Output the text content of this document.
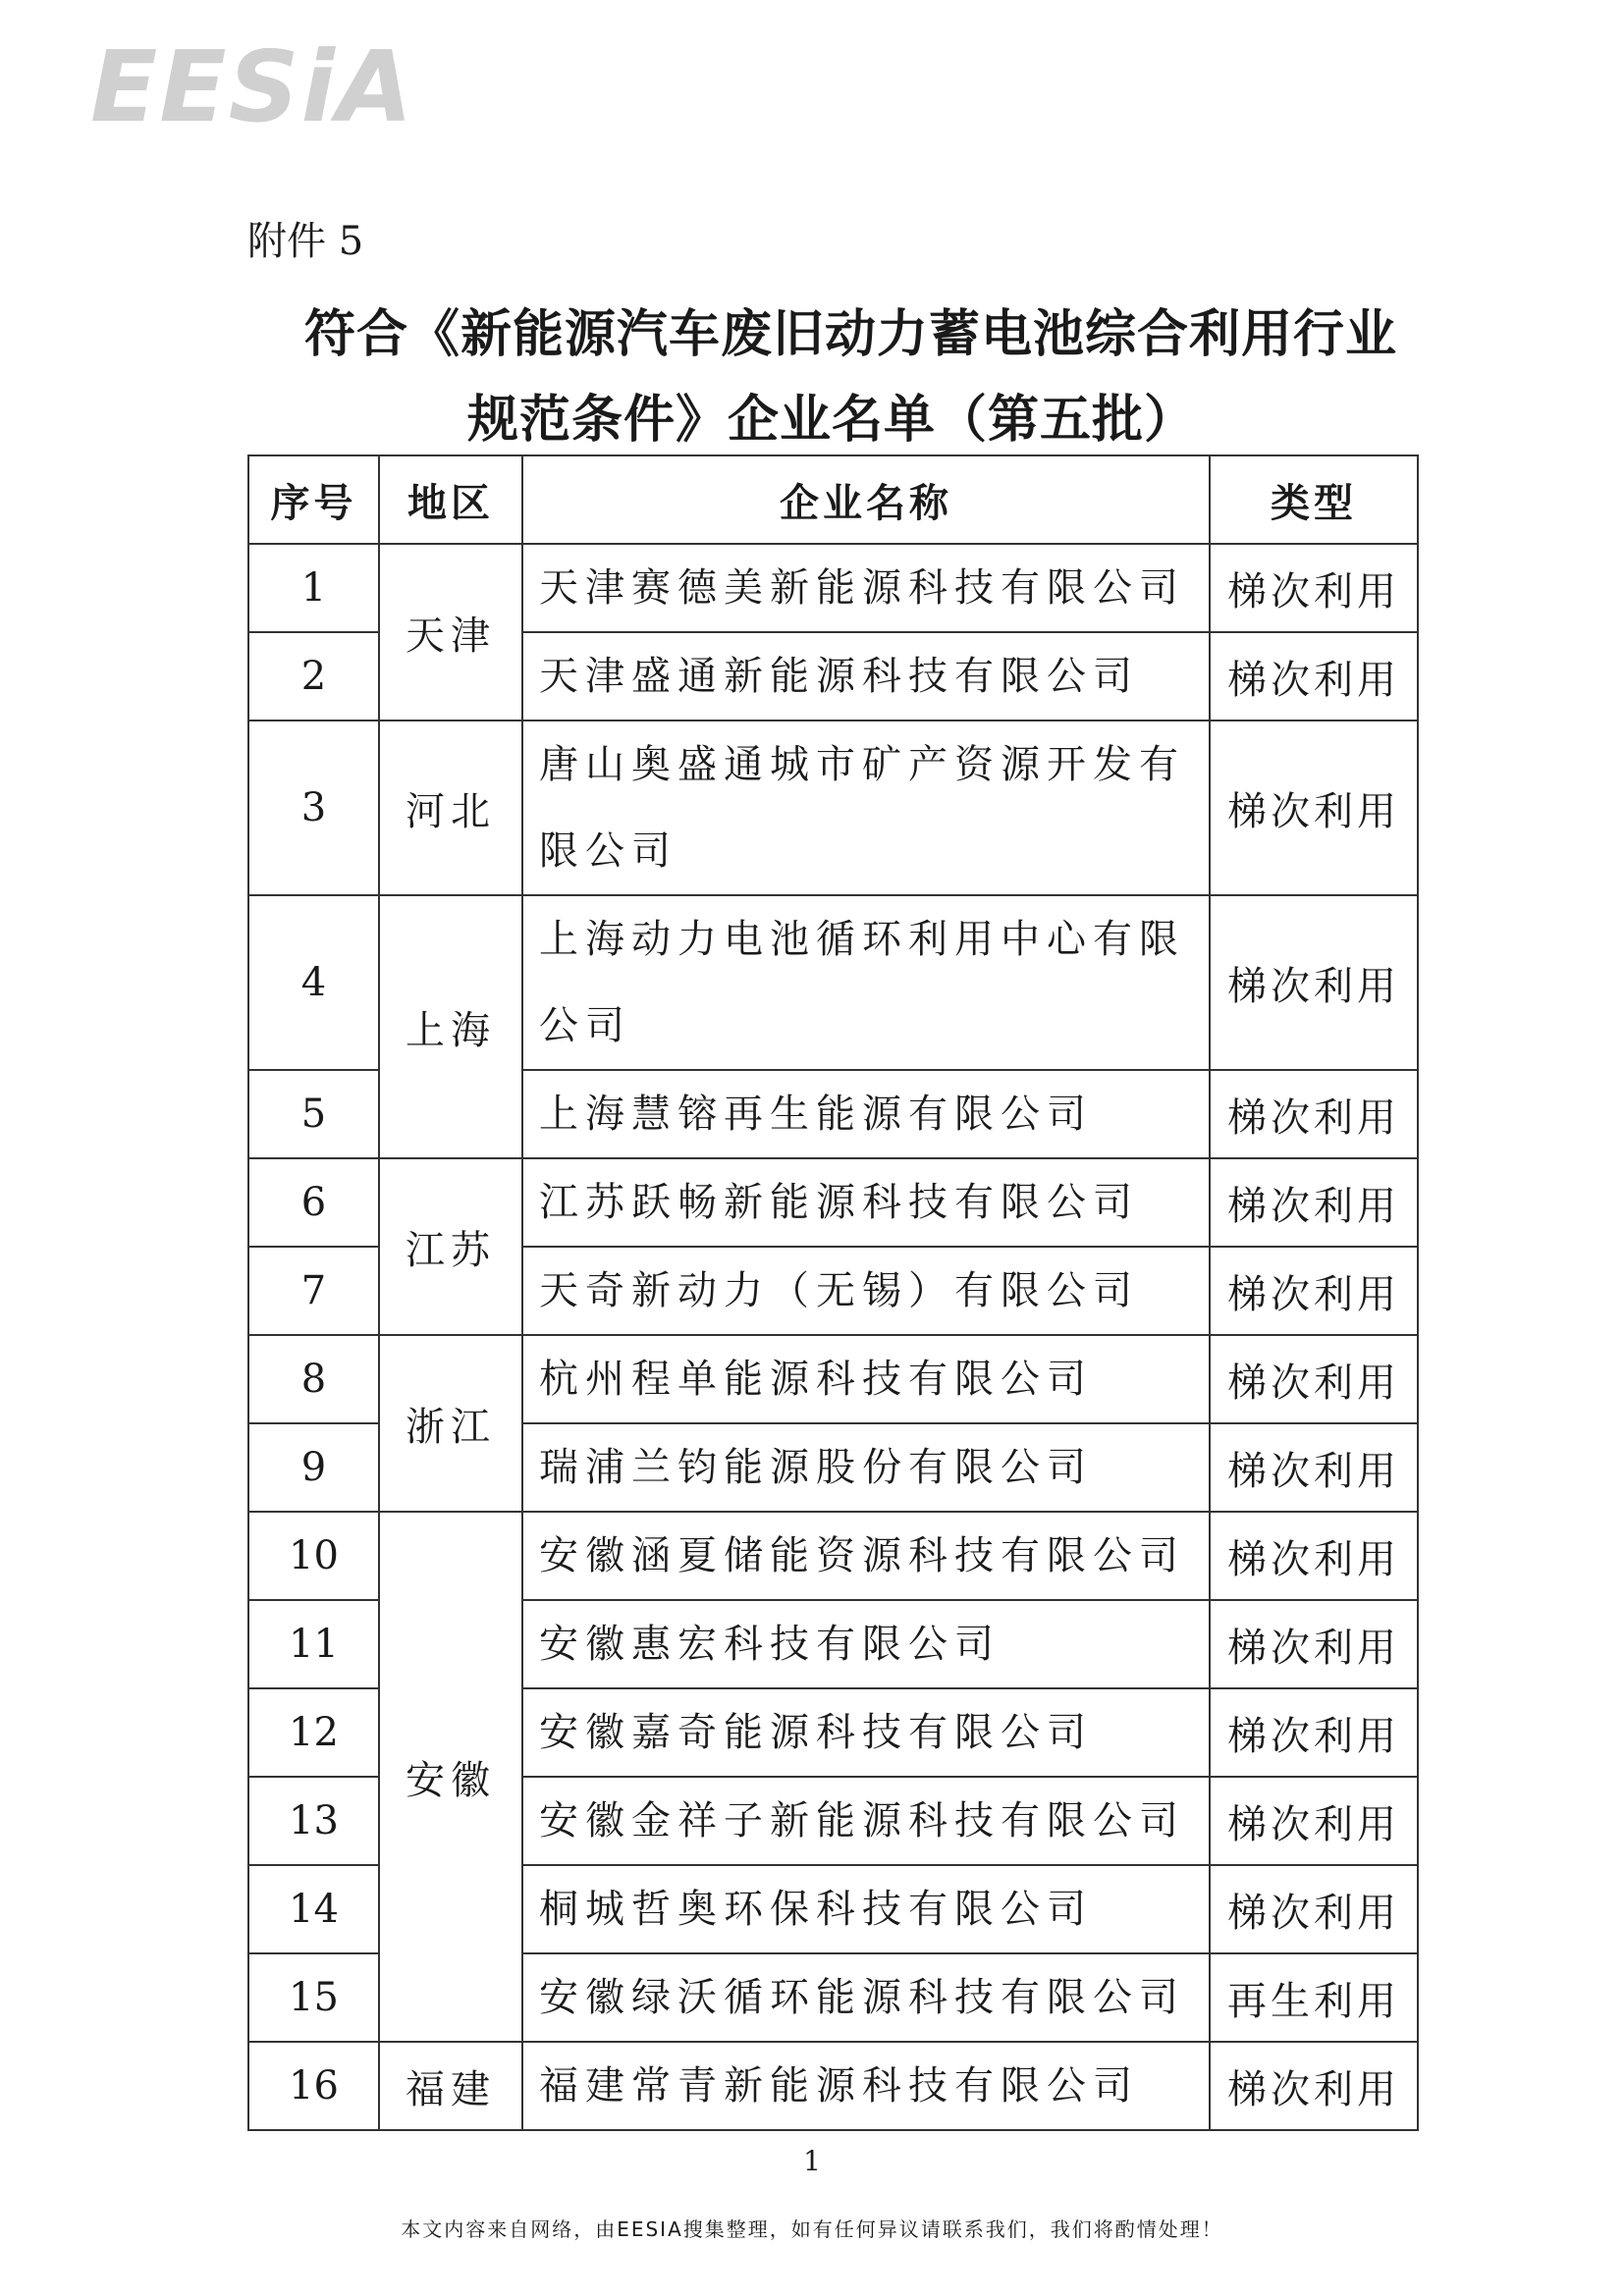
EESiA
附件 5
符合《新能源汽车废旧动力蓄电池综合利用行业
规范条件》企业名单（第五批）
序号	地区	企业名称	类型
1	天津	天津赛德美新能源科技有限公司	梯次利用
2		天津盛通新能源科技有限公司	梯次利用
3	河北	唐山奥盛通城市矿产资源开发有限公司	梯次利用
4	上海	上海动力电池循环利用中心有限公司	梯次利用
5		上海慧镕再生能源有限公司	梯次利用
6	江苏	江苏跃畅新能源科技有限公司	梯次利用
7		天奇新动力（无锡）有限公司	梯次利用
8	浙江	杭州程单能源科技有限公司	梯次利用
9		瑞浦兰钧能源股份有限公司	梯次利用
10	安徽	安徽涵夏储能资源科技有限公司	梯次利用
11		安徽惠宏科技有限公司	梯次利用
12		安徽嘉奇能源科技有限公司	梯次利用
13		安徽金祥子新能源科技有限公司	梯次利用
14		桐城哲奥环保科技有限公司	梯次利用
15		安徽绿沃循环能源科技有限公司	再生利用
16	福建	福建常青新能源科技有限公司	梯次利用
1
本文内容来自网络，由EESIA搜集整理，如有任何异议请联系我们，我们将酌情处理！
